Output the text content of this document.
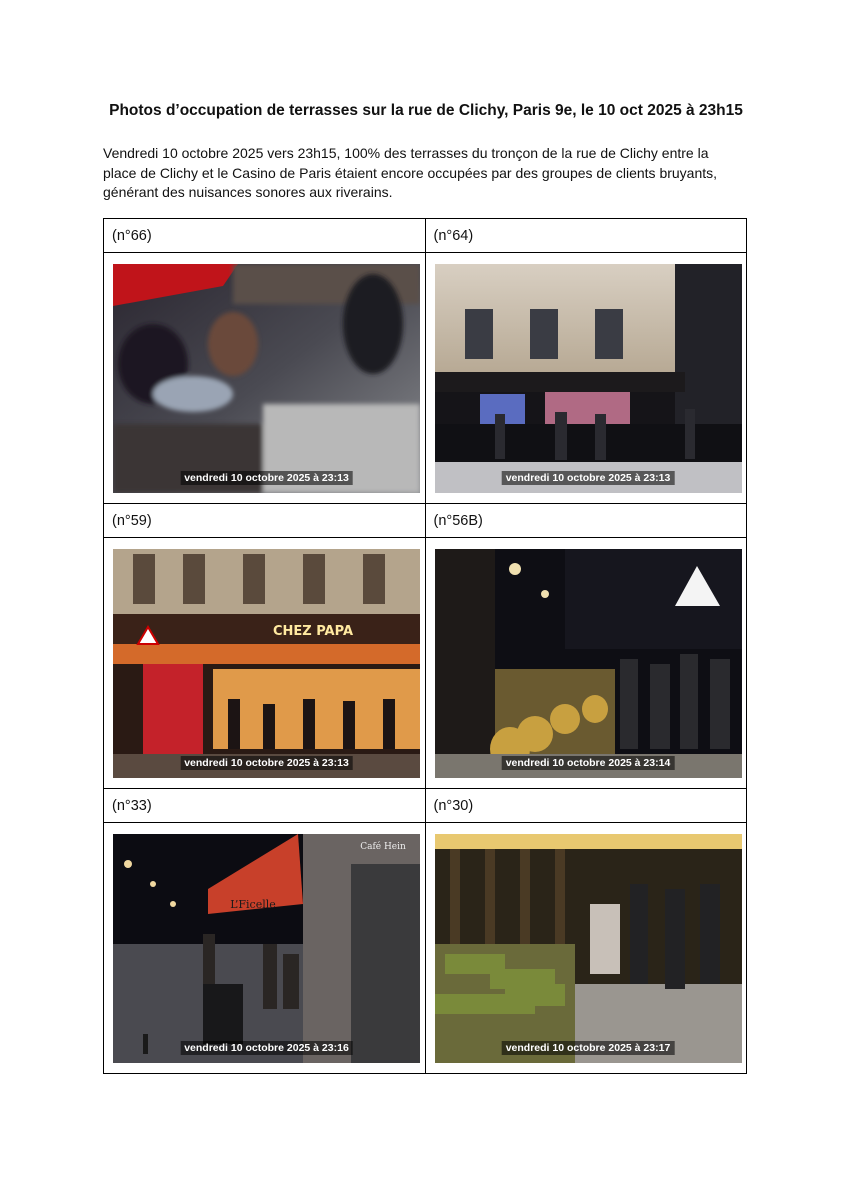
Photos d’occupation de terrasses sur la rue de Clichy, Paris 9e, le 10 oct 2025 à 23h15
Vendredi 10 octobre 2025 vers 23h15, 100% des terrasses du tronçon de la rue de Clichy entre la
place de Clichy et le Casino de Paris étaient encore occupées par des groupes de clients bruyants,
générant des nuisances sonores aux riverains.
(n°66)	(n°64)

vendredi 10 octobre 2025 à 23:13	vendredi 10 octobre 2025 à 23:13

(n°59)	(n°56B)

CHEZ PAPA
vendredi 10 octobre 2025 à 23:13	vendredi 10 octobre 2025 à 23:14

(n°33)	(n°30)

L’Ficelle
Café Hein
vendredi 10 octobre 2025 à 23:16	vendredi 10 octobre 2025 à 23:17
